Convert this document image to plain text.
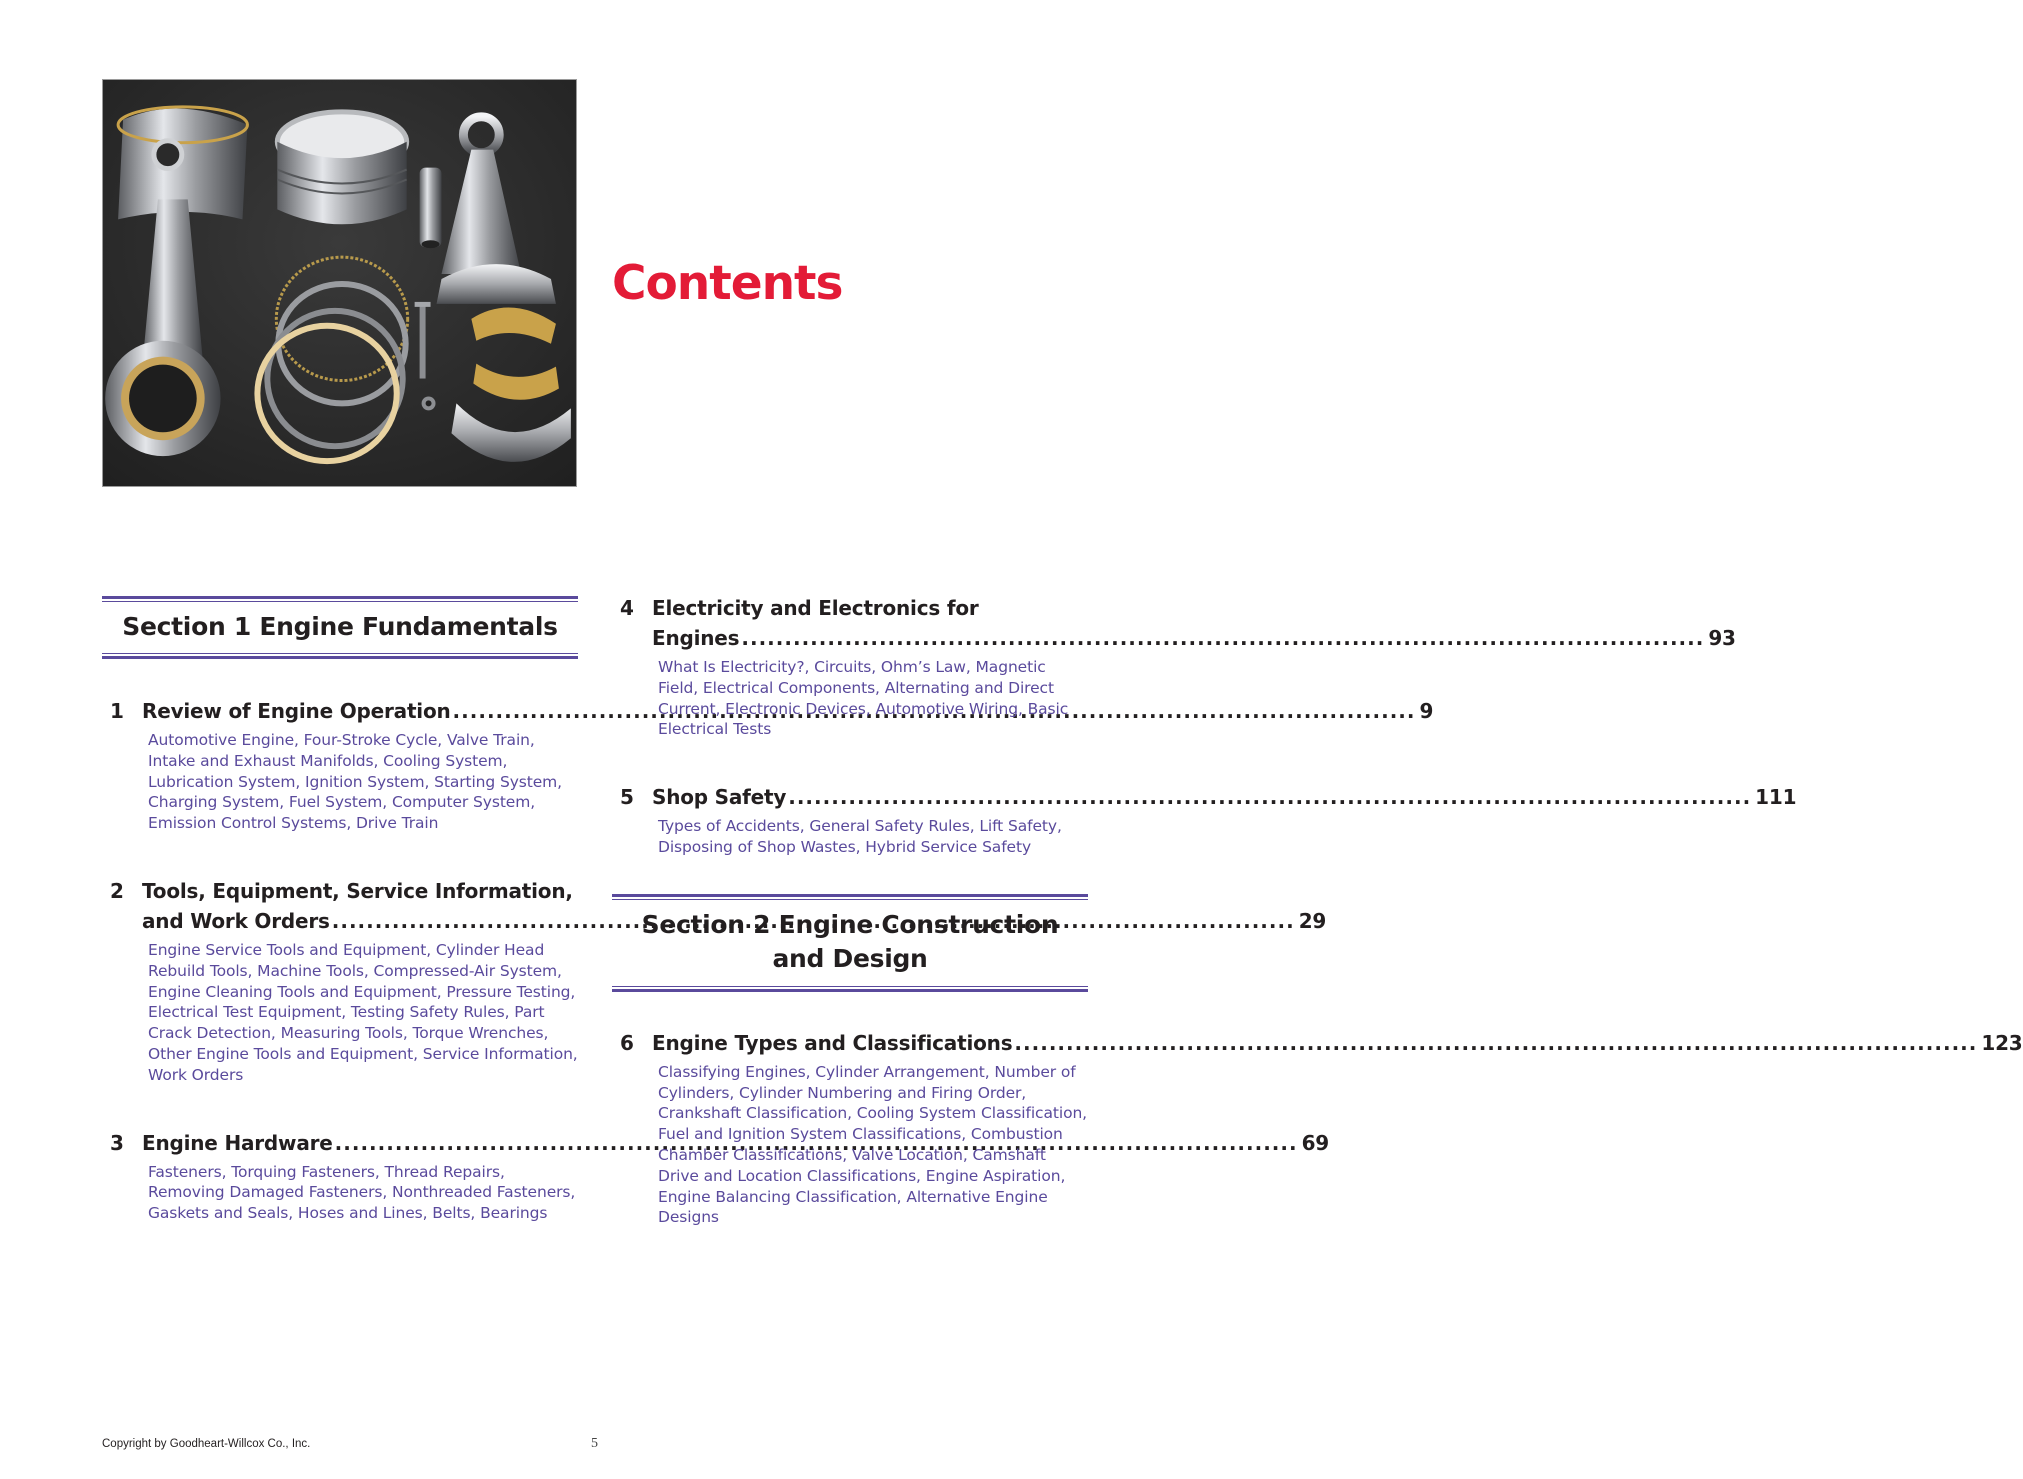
Contents
Section 1 Engine Fundamentals
1 Review of Engine Operation .....	9
Automotive Engine, Four-Stroke Cycle, Valve Train, Intake and Exhaust Manifolds, Cooling System, Lubrication System, Ignition System, Starting System, Charging System, Fuel System, Computer System, Emission Control Systems, Drive Train
2 Tools, Equipment, Service Information,
and Work Orders .....	29
Engine Service Tools and Equipment, Cylinder Head Rebuild Tools, Machine Tools, Compressed-Air System, Engine Cleaning Tools and Equipment, Pressure Testing, Electrical Test Equipment, Testing Safety Rules, Part Crack Detection, Measuring Tools, Torque Wrenches, Other Engine Tools and Equipment, Service Information, Work Orders
3 Engine Hardware .....	69
Fasteners, Torquing Fasteners, Thread Repairs, Removing Damaged Fasteners, Nonthreaded Fasteners, Gaskets and Seals, Hoses and Lines, Belts, Bearings
4 Electricity and Electronics for
Engines .....	93
What Is Electricity?, Circuits, Ohm’s Law, Magnetic Field, Electrical Components, Alternating and Direct Current, Electronic Devices, Automotive Wiring, Basic Electrical Tests
5 Shop Safety .....	111
Types of Accidents, General Safety Rules, Lift Safety, Disposing of Shop Wastes, Hybrid Service Safety
Section 2 Engine Construction
and Design
6 Engine Types and Classifications .....	123
Classifying Engines, Cylinder Arrangement, Number of Cylinders, Cylinder Numbering and Firing Order, Crankshaft Classification, Cooling System Classification, Fuel and Ignition System Classifications, Combustion Chamber Classifications, Valve Location, Camshaft Drive and Location Classifications, Engine Aspiration, Engine Balancing Classification, Alternative Engine Designs
Copyright by Goodheart-Willcox Co., Inc.	5
